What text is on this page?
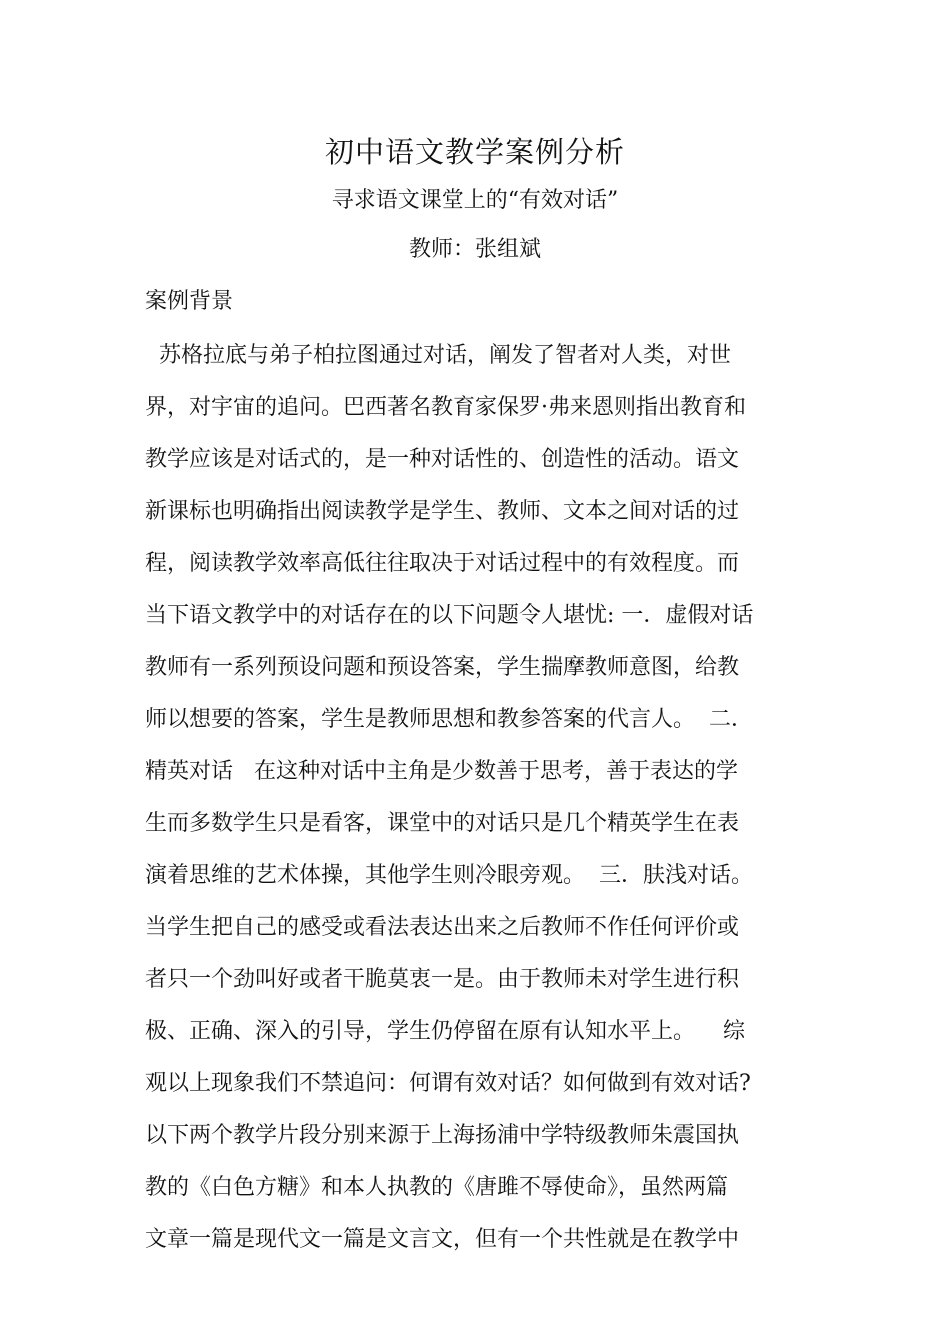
初中语文教学案例分析
寻求语文课堂上的“有效对话”
教师：张组斌
案例背景
苏格拉底与弟子柏拉图通过对话，阐发了智者对人类，对世
界，对宇宙的追问。巴西著名教育家保罗·弗来恩则指出教育和
教学应该是对话式的，是一种对话性的、创造性的活动。语文
新课标也明确指出阅读教学是学生、教师、文本之间对话的过
程，阅读教学效率高低往往取决于对话过程中的有效程度。而
当下语文教学中的对话存在的以下问题令人堪忧: 一．虚假对话
教师有一系列预设问题和预设答案，学生揣摩教师意图，给教
师以想要的答案，学生是教师思想和教参答案的代言人。  二．
精英对话   在这种对话中主角是少数善于思考，善于表达的学
生而多数学生只是看客，课堂中的对话只是几个精英学生在表
演着思维的艺术体操，其他学生则冷眼旁观。  三．肤浅对话。
当学生把自己的感受或看法表达出来之后教师不作任何评价或
者只一个劲叫好或者干脆莫衷一是。由于教师未对学生进行积
极、正确、深入的引导，学生仍停留在原有认知水平上。    综
观以上现象我们不禁追问：何谓有效对话？如何做到有效对话?
以下两个教学片段分别来源于上海扬浦中学特级教师朱震国执
教的《白色方糖》和本人执教的《唐雎不辱使命》，虽然两篇
文章一篇是现代文一篇是文言文，但有一个共性就是在教学中
